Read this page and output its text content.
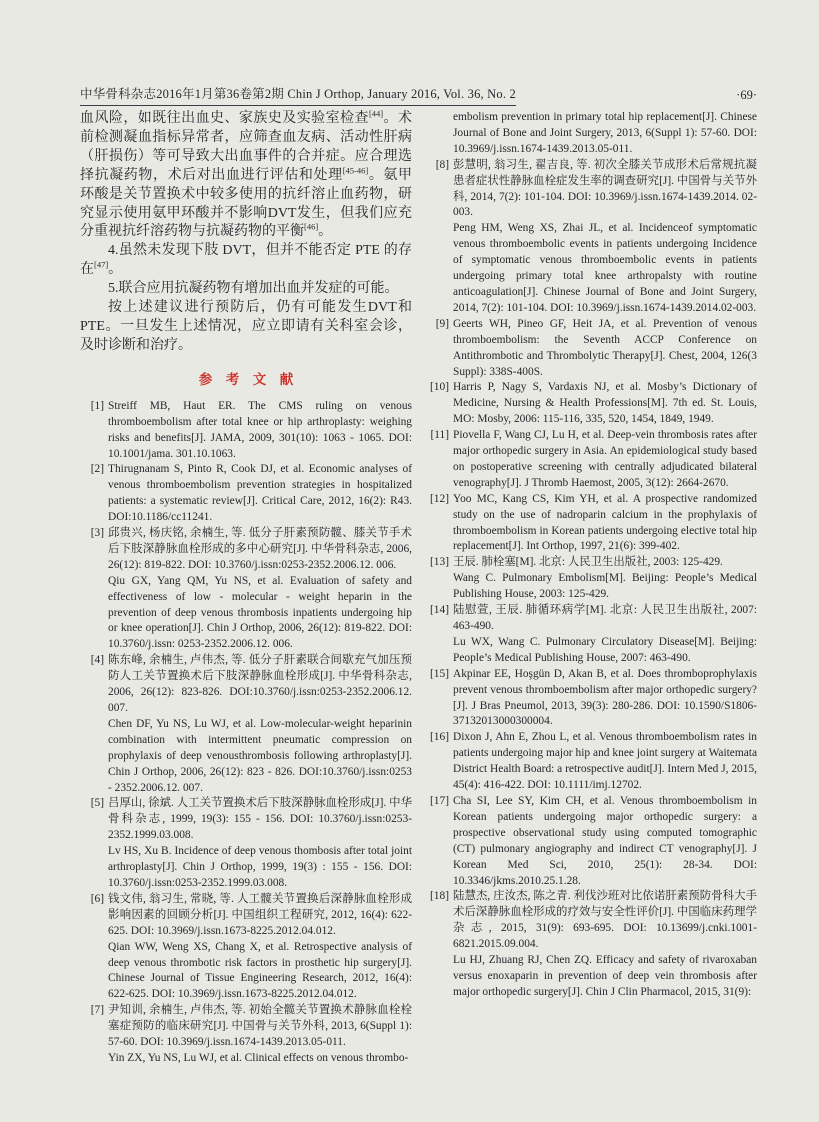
中华骨科杂志2016年1月第36卷第2期 Chin J Orthop, January 2016, Vol. 36, No. 2	·69·

血风险，如既往出血史、家族史及实验室检查[44]。术前检测凝血指标异常者，应筛查血友病、活动性肝病（肝损伤）等可导致大出血事件的合并症。应合理选择抗凝药物，术后对出血进行评估和处理[45-46]。氨甲环酸是关节置换术中较多使用的抗纤溶止血药物，研究显示使用氨甲环酸并不影响DVT发生，但我们应充分重视抗纤溶药物与抗凝药物的平衡[46]。

4.虽然未发现下肢 DVT，但并不能否定 PTE 的存在[47]。

5.联合应用抗凝药物有增加出血并发症的可能。

按上述建议进行预防后，仍有可能发生DVT和PTE。一旦发生上述情况，应立即请有关科室会诊，及时诊断和治疗。

参　考　文　献
[1] Streiff MB, Haut ER. The CMS ruling on venous thromboembolism after total knee or hip arthroplasty: weighing risks and benefits[J]. JAMA, 2009, 301(10): 1063 - 1065. DOI: 10.1001/jama. 301.10.1063.
[2] Thirugnanam S, Pinto R, Cook DJ, et al. Economic analyses of venous thromboembolism prevention strategies in hospitalized patients: a systematic review[J]. Critical Care, 2012, 16(2): R43. DOI:10.1186/cc11241.
[3] 邱贵兴, 杨庆铭, 余楠生, 等. 低分子肝素预防髋、膝关节手术后下肢深静脉血栓形成的多中心研究[J]. 中华骨科杂志, 2006, 26(12): 819-822. DOI: 10.3760/j.issn:0253-2352.2006.12. 006.
Qiu GX, Yang QM, Yu NS, et al. Evaluation of safety and effectiveness of low - molecular - weight heparin in the prevention of deep venous thrombosis inpatients undergoing hip or knee operation[J]. Chin J Orthop, 2006, 26(12): 819-822. DOI: 10.3760/j.issn: 0253-2352.2006.12. 006.
[4] 陈东峰, 余楠生, 卢伟杰, 等. 低分子肝素联合间歇充气加压预防人工关节置换术后下肢深静脉血栓形成[J]. 中华骨科杂志, 2006, 26(12): 823-826. DOI:10.3760/j.issn:0253-2352.2006.12. 007.
Chen DF, Yu NS, Lu WJ, et al. Low-molecular-weight heparinin combination with intermittent pneumatic compression on prophylaxis of deep venousthrombosis following arthroplasty[J]. Chin J Orthop, 2006, 26(12): 823 - 826. DOI:10.3760/j.issn:0253 - 2352.2006.12. 007.
[5] 吕厚山, 徐斌. 人工关节置换术后下肢深静脉血栓形成[J]. 中华骨科杂志, 1999, 19(3): 155 - 156. DOI: 10.3760/j.issn:0253-2352.1999.03.008.
Lv HS, Xu B. Incidence of deep venous thombosis after total joint arthroplasty[J]. Chin J Orthop, 1999, 19(3) : 155 - 156. DOI: 10.3760/j.issn:0253-2352.1999.03.008.
[6] 钱文伟, 翁习生, 常晓, 等. 人工髋关节置换后深静脉血栓形成影响因素的回顾分析[J]. 中国组织工程研究, 2012, 16(4): 622-625. DOI: 10.3969/j.issn.1673-8225.2012.04.012.
Qian WW, Weng XS, Chang X, et al. Retrospective analysis of deep venous thrombotic risk factors in prosthetic hip surgery[J]. Chinese Journal of Tissue Engineering Research, 2012, 16(4): 622-625. DOI: 10.3969/j.issn.1673-8225.2012.04.012.
[7] 尹知训, 余楠生, 卢伟杰, 等. 初始全髋关节置换术静脉血栓栓塞症预防的临床研究[J]. 中国骨与关节外科, 2013, 6(Suppl 1): 57-60. DOI: 10.3969/j.issn.1674-1439.2013.05-011.
Yin ZX, Yu NS, Lu WJ, et al. Clinical effects on venous thrombo-
embolism prevention in primary total hip replacement[J]. Chinese Journal of Bone and Joint Surgery, 2013, 6(Suppl 1): 57-60. DOI: 10.3969/j.issn.1674-1439.2013.05-011.
[8] 彭慧明, 翁习生, 翟吉良, 等. 初次全膝关节成形术后常规抗凝患者症状性静脉血栓症发生率的调查研究[J]. 中国骨与关节外科, 2014, 7(2): 101-104. DOI: 10.3969/j.issn.1674-1439.2014. 02-003.
Peng HM, Weng XS, Zhai JL, et al. Incidenceof symptomatic venous thromboembolic events in patients undergoing Incidence of symptomatic venous thromboembolic events in patients undergoing primary total knee arthropalsty with routine anticoagulation[J]. Chinese Journal of Bone and Joint Surgery, 2014, 7(2): 101-104. DOI: 10.3969/j.issn.1674-1439.2014.02-003.
[9] Geerts WH, Pineo GF, Heit JA, et al. Prevention of venous thromboembolism: the Seventh ACCP Conference on Antithrombotic and Thrombolytic Therapy[J]. Chest, 2004, 126(3 Suppl): 338S-400S.
[10] Harris P, Nagy S, Vardaxis NJ, et al. Mosby’s Dictionary of Medicine, Nursing & Health Professions[M]. 7th ed. St. Louis, MO: Mosby, 2006: 115-116, 335, 520, 1454, 1849, 1949.
[11] Piovella F, Wang CJ, Lu H, et al. Deep-vein thrombosis rates after major orthopedic surgery in Asia. An epidemiological study based on postoperative screening with centrally adjudicated bilateral venography[J]. J Thromb Haemost, 2005, 3(12): 2664-2670.
[12] Yoo MC, Kang CS, Kim YH, et al. A prospective randomized study on the use of nadroparin calcium in the prophylaxis of thromboembolism in Korean patients undergoing elective total hip replacement[J]. Int Orthop, 1997, 21(6): 399-402.
[13] 王辰. 肺栓塞[M]. 北京: 人民卫生出版社, 2003: 125-429.
Wang C. Pulmonary Embolism[M]. Beijing: People’s Medical Publishing House, 2003: 125-429.
[14] 陆慰萱, 王辰. 肺循环病学[M]. 北京: 人民卫生出版社, 2007: 463-490.
Lu WX, Wang C. Pulmonary Circulatory Disease[M]. Beijing: People’s Medical Publishing House, 2007: 463-490.
[15] Akpinar EE, Hoşgün D, Akan B, et al. Does thromboprophylaxis prevent venous thromboembolism after major orthopedic surgery? [J]. J Bras Pneumol, 2013, 39(3): 280-286. DOI: 10.1590/S1806-37132013000300004.
[16] Dixon J, Ahn E, Zhou L, et al. Venous thromboembolism rates in patients undergoing major hip and knee joint surgery at Waitemata District Health Board: a retrospective audit[J]. Intern Med J, 2015, 45(4): 416-422. DOI: 10.1111/imj.12702.
[17] Cha SI, Lee SY, Kim CH, et al. Venous thromboembolism in Korean patients undergoing major orthopedic surgery: a prospective observational study using computed tomographic (CT) pulmonary angiography and indirect CT venography[J]. J Korean Med Sci, 2010, 25(1): 28-34. DOI: 10.3346/jkms.2010.25.1.28.
[18] 陆慧杰, 庄汝杰, 陈之青. 利伐沙班对比依诺肝素预防骨科大手术后深静脉血栓形成的疗效与安全性评价[J]. 中国临床药理学杂志, 2015, 31(9): 693-695. DOI: 10.13699/j.cnki.1001-6821.2015.09.004.
Lu HJ, Zhuang RJ, Chen ZQ. Efficacy and safety of rivaroxaban versus enoxaparin in prevention of deep vein thrombosis after major orthopedic surgery[J]. Chin J Clin Pharmacol, 2015, 31(9):
